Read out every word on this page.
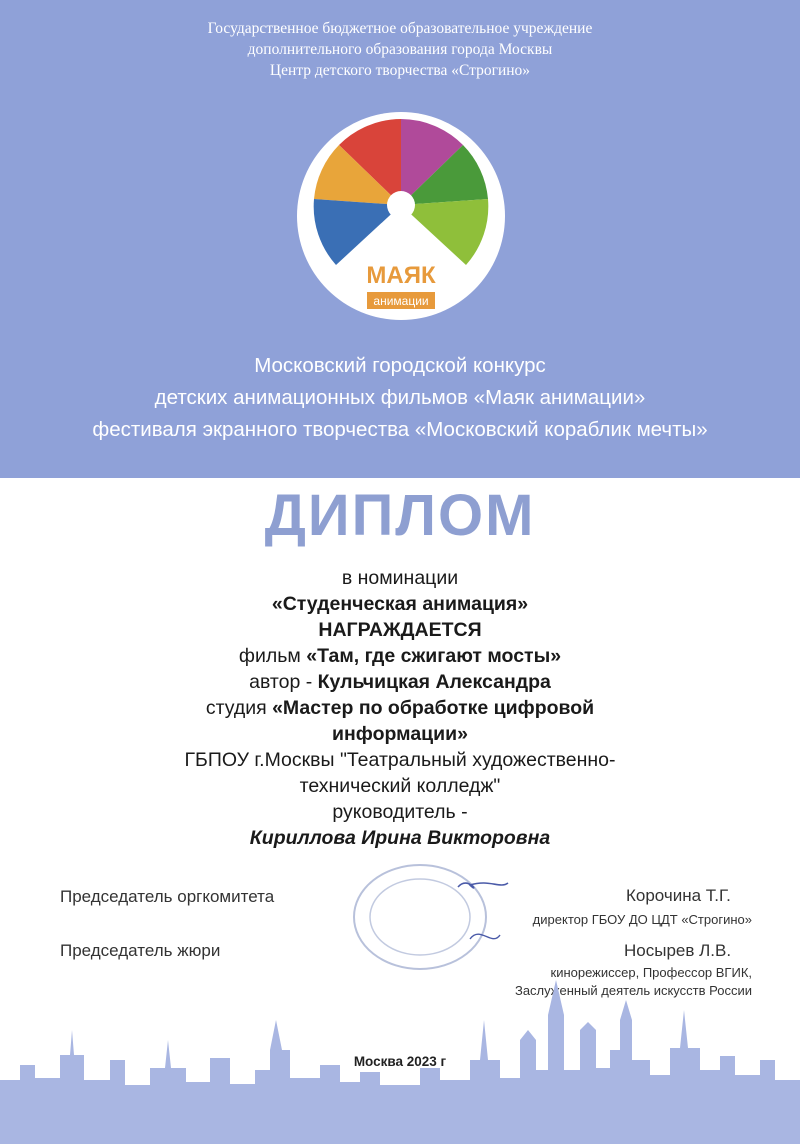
Государственное бюджетное образовательное учреждение
дополнительного образования города Москвы
Центр детского творчества «Строгино»
МАЯК
анимации
Московский городской конкурс
детских анимационных фильмов «Маяк анимации»
фестиваля экранного творчества «Московский кораблик мечты»
ДИПЛОМ
в номинации
«Студенческая анимация»
НАГРАЖДАЕТСЯ
фильм «Там, где сжигают мосты»
автор - Кульчицкая Александра
студия «Мастер по обработке цифровой
информации»
ГБПОУ г.Москвы "Театральный художественно-
технический колледж"
руководитель -
Кириллова Ирина Викторовна
Председатель оргкомитета	Корочина Т.Г.
директор ГБОУ ДО ЦДТ «Строгино»
Председатель жюри	Носырев Л.В.
кинорежиссер, Профессор ВГИК,
Заслуженный деятель искусств России
Москва 2023 г
